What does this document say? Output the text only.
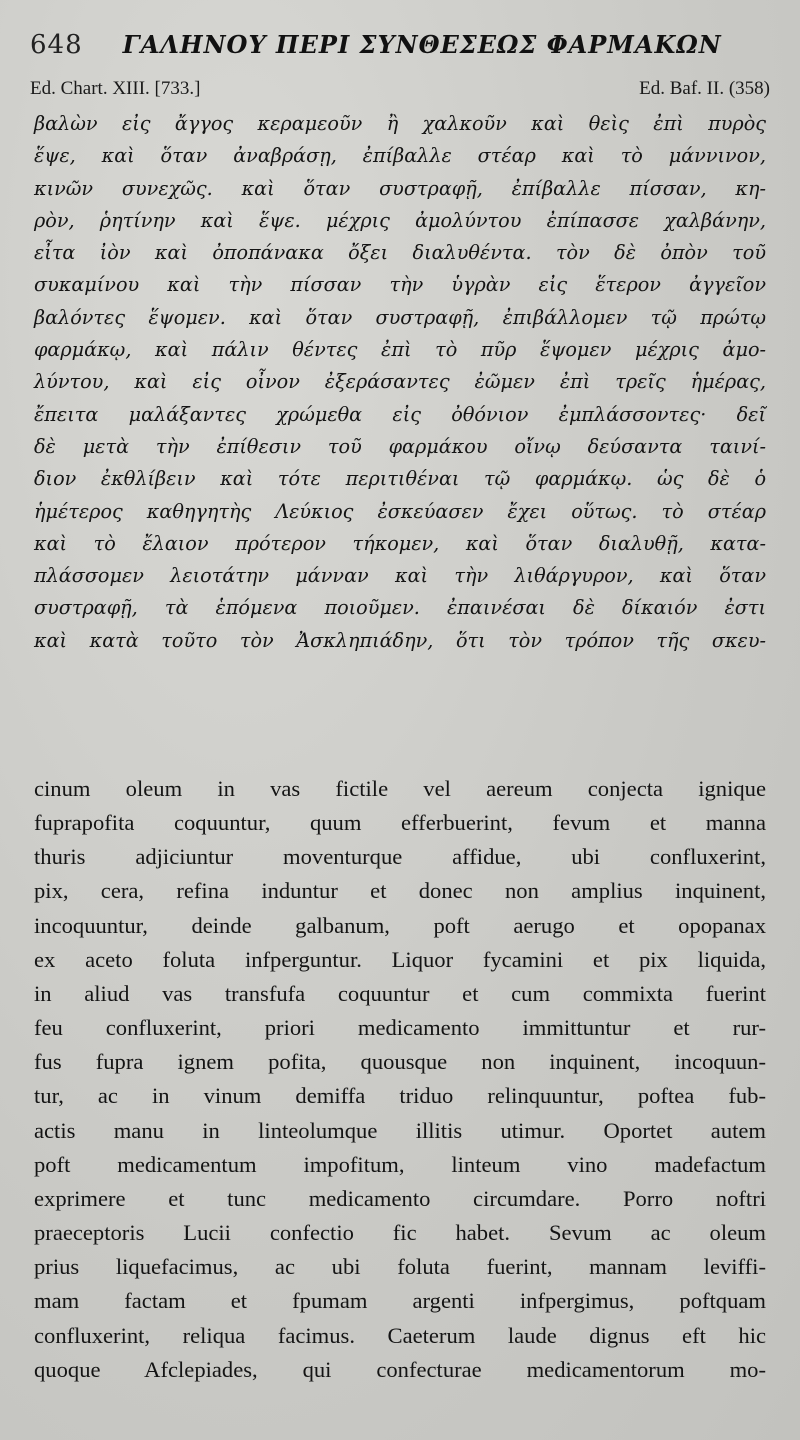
648 ΓΑΛΗΝΟΥ ΠΕΡΙ ΣΥΝΘΕΣΕΩΣ ΦΑΡΜΑΚΩΝ
Ed. Chart. XIII. [733.]	Ed. Baf. II. (358)
βαλὼν εἰς ἄγγος κεραμεοῦν ἢ χαλκοῦν καὶ θεὶς ἐπὶ πυρὸς
ἕψε, καὶ ὅταν ἀναβράσῃ, ἐπίβαλλε στέαρ καὶ τὸ μάννινον,
κινῶν συνεχῶς. καὶ ὅταν συστραφῇ, ἐπίβαλλε πίσσαν, κη-
ρὸν, ῥητίνην καὶ ἕψε. μέχρις ἀμολύντου ἐπίπασσε χαλβάνην,
εἶτα ἰὸν καὶ ὀποπάνακα ὄξει διαλυθέντα. τὸν δὲ ὀπὸν τοῦ
συκαμίνου καὶ τὴν πίσσαν τὴν ὑγρὰν εἰς ἕτερον ἀγγεῖον
βαλόντες ἕψομεν. καὶ ὅταν συστραφῇ, ἐπιβάλλομεν τῷ πρώτῳ
φαρμάκῳ, καὶ πάλιν θέντες ἐπὶ τὸ πῦρ ἕψομεν μέχρις ἀμο-
λύντου, καὶ εἰς οἶνον ἐξεράσαντες ἐῶμεν ἐπὶ τρεῖς ἡμέρας,
ἔπειτα μαλάξαντες χρώμεθα εἰς ὀθόνιον ἐμπλάσσοντες· δεῖ
δὲ μετὰ τὴν ἐπίθεσιν τοῦ φαρμάκου οἴνῳ δεύσαντα ταινί-
διον ἐκθλίβειν καὶ τότε περιτιθέναι τῷ φαρμάκῳ. ὡς δὲ ὁ
ἡμέτερος καθηγητὴς Λεύκιος ἐσκεύασεν ἔχει οὕτως. τὸ στέαρ
καὶ τὸ ἔλαιον πρότερον τήκομεν, καὶ ὅταν διαλυθῇ, κατα-
πλάσσομεν λειοτάτην μάνναν καὶ τὴν λιθάργυρον, καὶ ὅταν
συστραφῇ, τὰ ἑπόμενα ποιοῦμεν. ἐπαινέσαι δὲ δίκαιόν ἐστι
καὶ κατὰ τοῦτο τὸν Ἀσκληπιάδην, ὅτι τὸν τρόπον τῆς σκευ-
cinum oleum in vas fictile vel aereum conjecta ignique
fuprapofita coquuntur, quum efferbuerint, fevum et manna
thuris adjiciuntur moventurque affidue, ubi confluxerint,
pix, cera, refina induntur et donec non amplius inquinent,
incoquuntur, deinde galbanum, poft aerugo et opopanax
ex aceto foluta infperguntur. Liquor fycamini et pix liquida,
in aliud vas transfufa coquuntur et cum commixta fuerint
feu confluxerint, priori medicamento immittuntur et rur-
fus fupra ignem pofita, quousque non inquinent, incoquun-
tur, ac in vinum demiffa triduo relinquuntur, poftea fub-
actis manu in linteolumque illitis utimur. Oportet autem
poft medicamentum impofitum, linteum vino madefactum
exprimere et tunc medicamento circumdare. Porro noftri
praeceptoris Lucii confectio fic habet. Sevum ac oleum
prius liquefacimus, ac ubi foluta fuerint, mannam leviffi-
mam factam et fpumam argenti infpergimus, poftquam
confluxerint, reliqua facimus. Caeterum laude dignus eft hic
quoque Afclepiades, qui confecturae medicamentorum mo-
